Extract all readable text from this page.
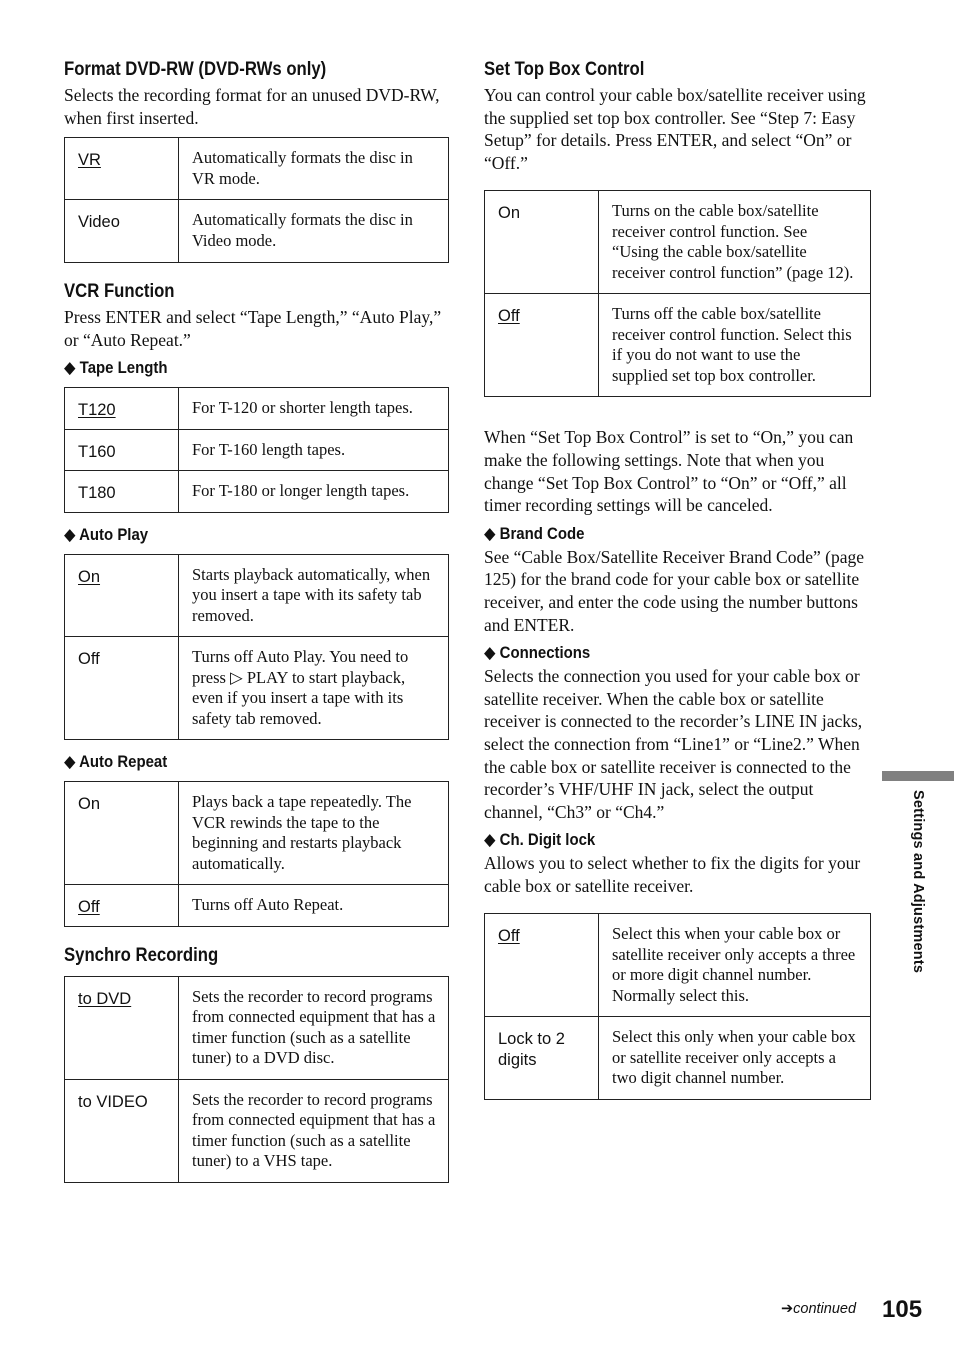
Format DVD-RW (DVD-RWs only)

Selects the recording format for an unused DVD-RW, when first inserted.

VR	Automatically formats the disc in VR mode.
Video	Automatically formats the disc in Video mode.
VCR Function

Press ENTER and select “Tape Length,” “Auto Play,” or “Auto Repeat.”

◆ Tape Length
T120	For T-120 or shorter length tapes.
T160	For T-160 length tapes.
T180	For T-180 or longer length tapes.
◆ Auto Play
On	Starts playback automatically, when you insert a tape with its safety tab removed.
Off	Turns off Auto Play. You need to press ▷ PLAY to start playback, even if you insert a tape with its safety tab removed.
◆ Auto Repeat
On	Plays back a tape repeatedly. The VCR rewinds the tape to the beginning and restarts playback automatically.
Off	Turns off Auto Repeat.
Synchro Recording
to DVD	Sets the recorder to record programs from connected equipment that has a timer function (such as a satellite tuner) to a DVD disc.
to VIDEO	Sets the recorder to record programs from connected equipment that has a timer function (such as a satellite tuner) to a VHS tape.
Set Top Box Control

You can control your cable box/satellite receiver using the supplied set top box controller. See “Step 7: Easy Setup” for details. Press ENTER, and select “On” or “Off.”

On	Turns on the cable box/satellite receiver control function. See “Using the cable box/satellite receiver control function” (page 12).
Off	Turns off the cable box/satellite receiver control function. Select this if you do not want to use the supplied set top box controller.

When “Set Top Box Control” is set to “On,” you can make the following settings. Note that when you change “Set Top Box Control” to “On” or “Off,” all timer recording settings will be canceled.

◆ Brand Code

See “Cable Box/Satellite Receiver Brand Code” (page 125) for the brand code for your cable box or satellite receiver, and enter the code using the number buttons and ENTER.

◆ Connections

Selects the connection you used for your cable box or satellite receiver. When the cable box or satellite receiver is connected to the recorder’s LINE IN jacks, select the connection from “Line1” or “Line2.” When the cable box or satellite receiver is connected to the recorder’s VHF/UHF IN jack, select the output channel, “Ch3” or “Ch4.”

◆ Ch. Digit lock

Allows you to select whether to fix the digits for your cable box or satellite receiver.

Off	Select this when your cable box or satellite receiver only accepts a three or more digit channel number. Normally select this.
Lock to 2 digits	Select this only when your cable box or satellite receiver only accepts a two digit channel number.
Settings and Adjustments
➔continued 105
